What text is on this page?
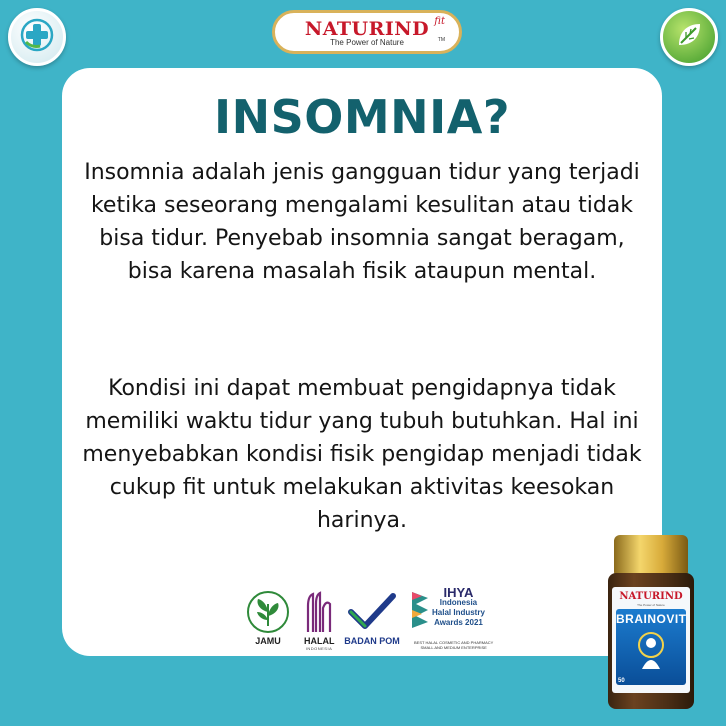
NATURIND
The Power of Nature
fit
TM
INSOMNIA?

Insomnia adalah jenis gangguan tidur yang terjadi ketika seseorang mengalami kesulitan atau tidak bisa tidur. Penyebab insomnia sangat beragam, bisa karena masalah fisik ataupun mental.

Kondisi ini dapat membuat pengidapnya tidak memiliki waktu tidur yang tubuh butuhkan. Hal ini menyebabkan kondisi fisik pengidap menjadi tidak cukup fit untuk melakukan aktivitas keesokan harinya.

JAMU	HALAL
INDONESIA
BADAN POM
IHYA
Indonesia
Halal Industry
Awards 2021
BEST HALAL COSMETIC AND PHARMACY
SMALL AND MEDIUM ENTERPRISE
NATURIND
The Power of Nature
BRAINOVIT
50
